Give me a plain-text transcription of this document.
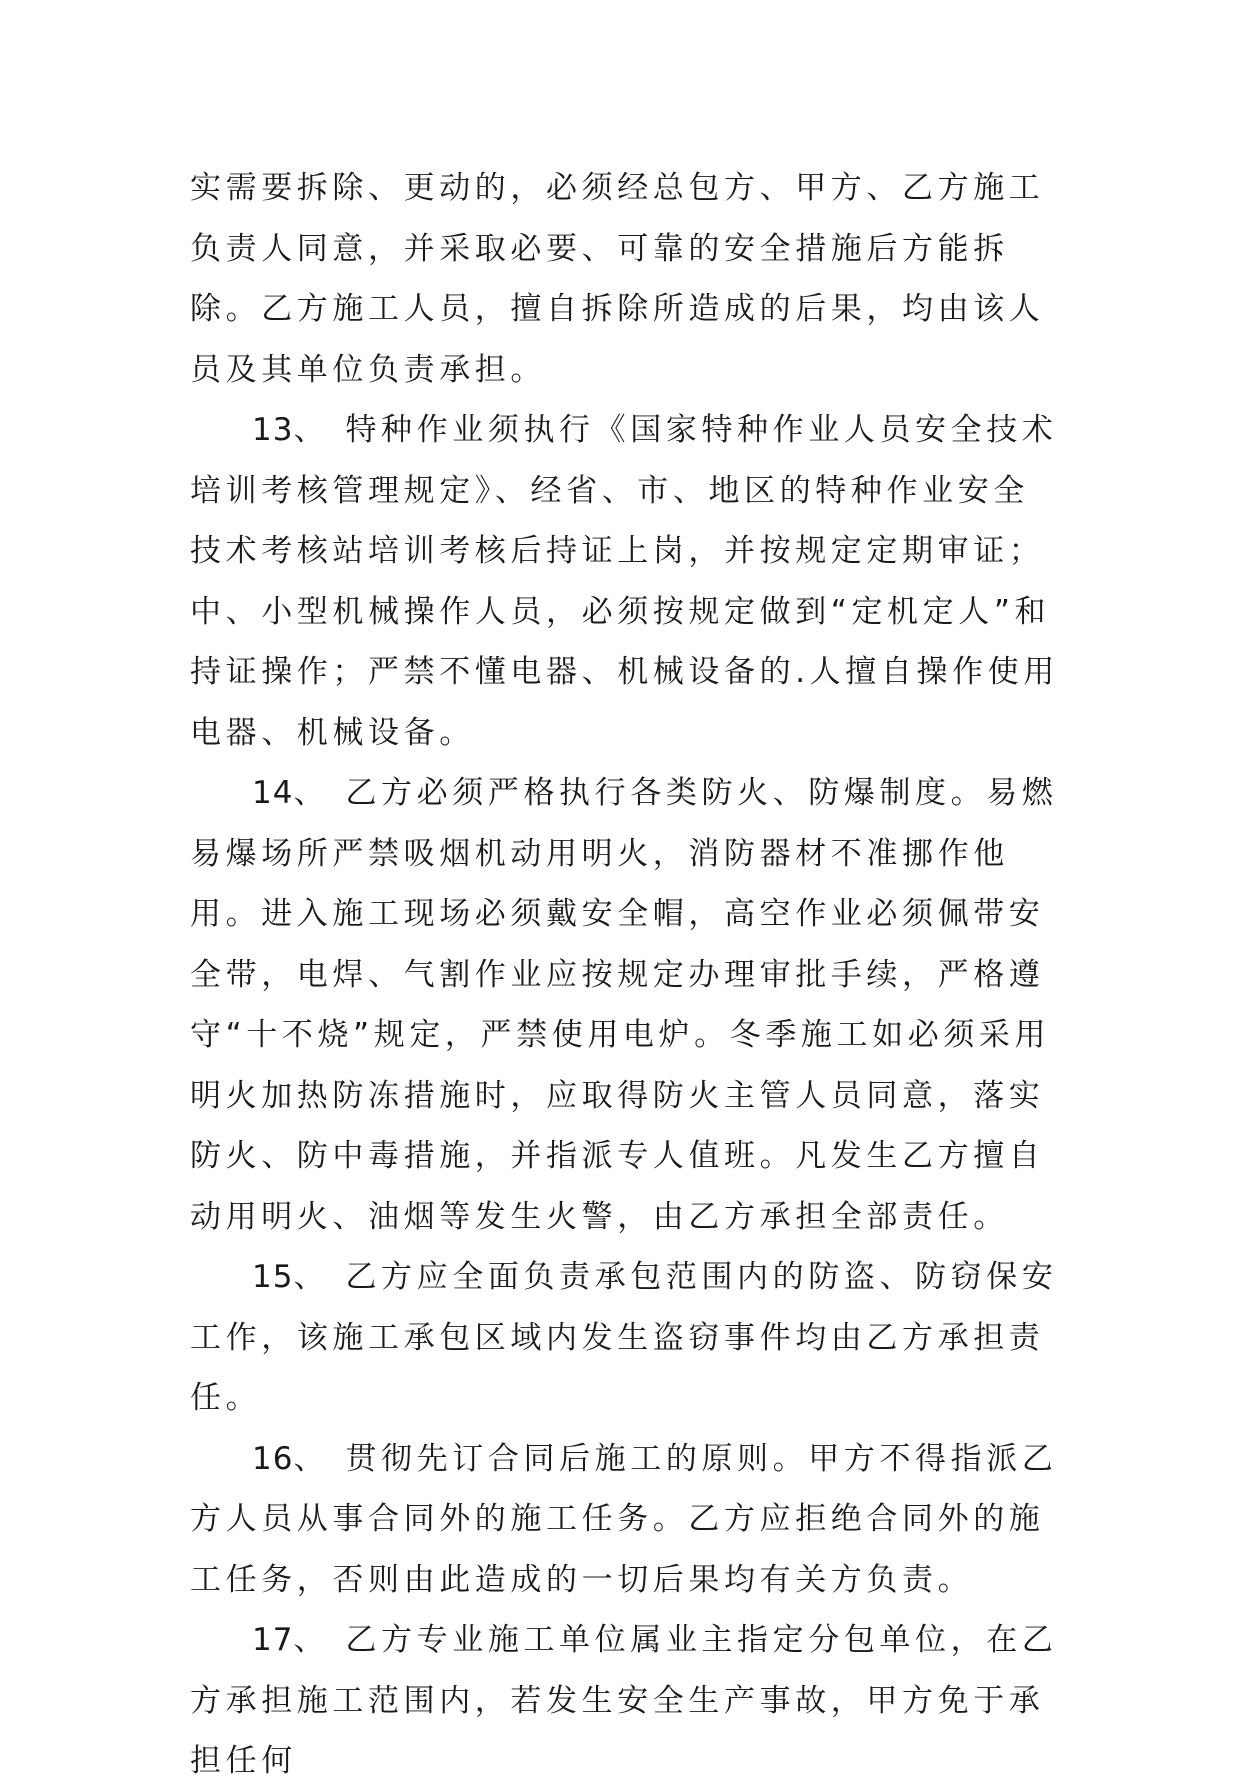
实需要拆除、更动的，必须经总包方、甲方、乙方施工负责人同意，并采取必要、可靠的安全措施后方能拆除。乙方施工人员，擅自拆除所造成的后果，均由该人员及其单位负责承担。

13、 特种作业须执行《国家特种作业人员安全技术培训考核管理规定》、经省、市、地区的特种作业安全技术考核站培训考核后持证上岗，并按规定定期审证；中、小型机械操作人员，必须按规定做到“定机定人”和持证操作；严禁不懂电器、机械设备的.人擅自操作使用电器、机械设备。

14、 乙方必须严格执行各类防火、防爆制度。易燃易爆场所严禁吸烟机动用明火，消防器材不准挪作他用。进入施工现场必须戴安全帽，高空作业必须佩带安全带，电焊、气割作业应按规定办理审批手续，严格遵守“十不烧”规定，严禁使用电炉。冬季施工如必须采用明火加热防冻措施时，应取得防火主管人员同意，落实防火、防中毒措施，并指派专人值班。凡发生乙方擅自动用明火、油烟等发生火警，由乙方承担全部责任。

15、 乙方应全面负责承包范围内的防盗、防窃保安工作，该施工承包区域内发生盗窃事件均由乙方承担责任。

16、 贯彻先订合同后施工的原则。甲方不得指派乙方人员从事合同外的施工任务。乙方应拒绝合同外的施工任务，否则由此造成的一切后果均有关方负责。

17、 乙方专业施工单位属业主指定分包单位，在乙方承担施工范围内，若发生安全生产事故，甲方免于承担任何
